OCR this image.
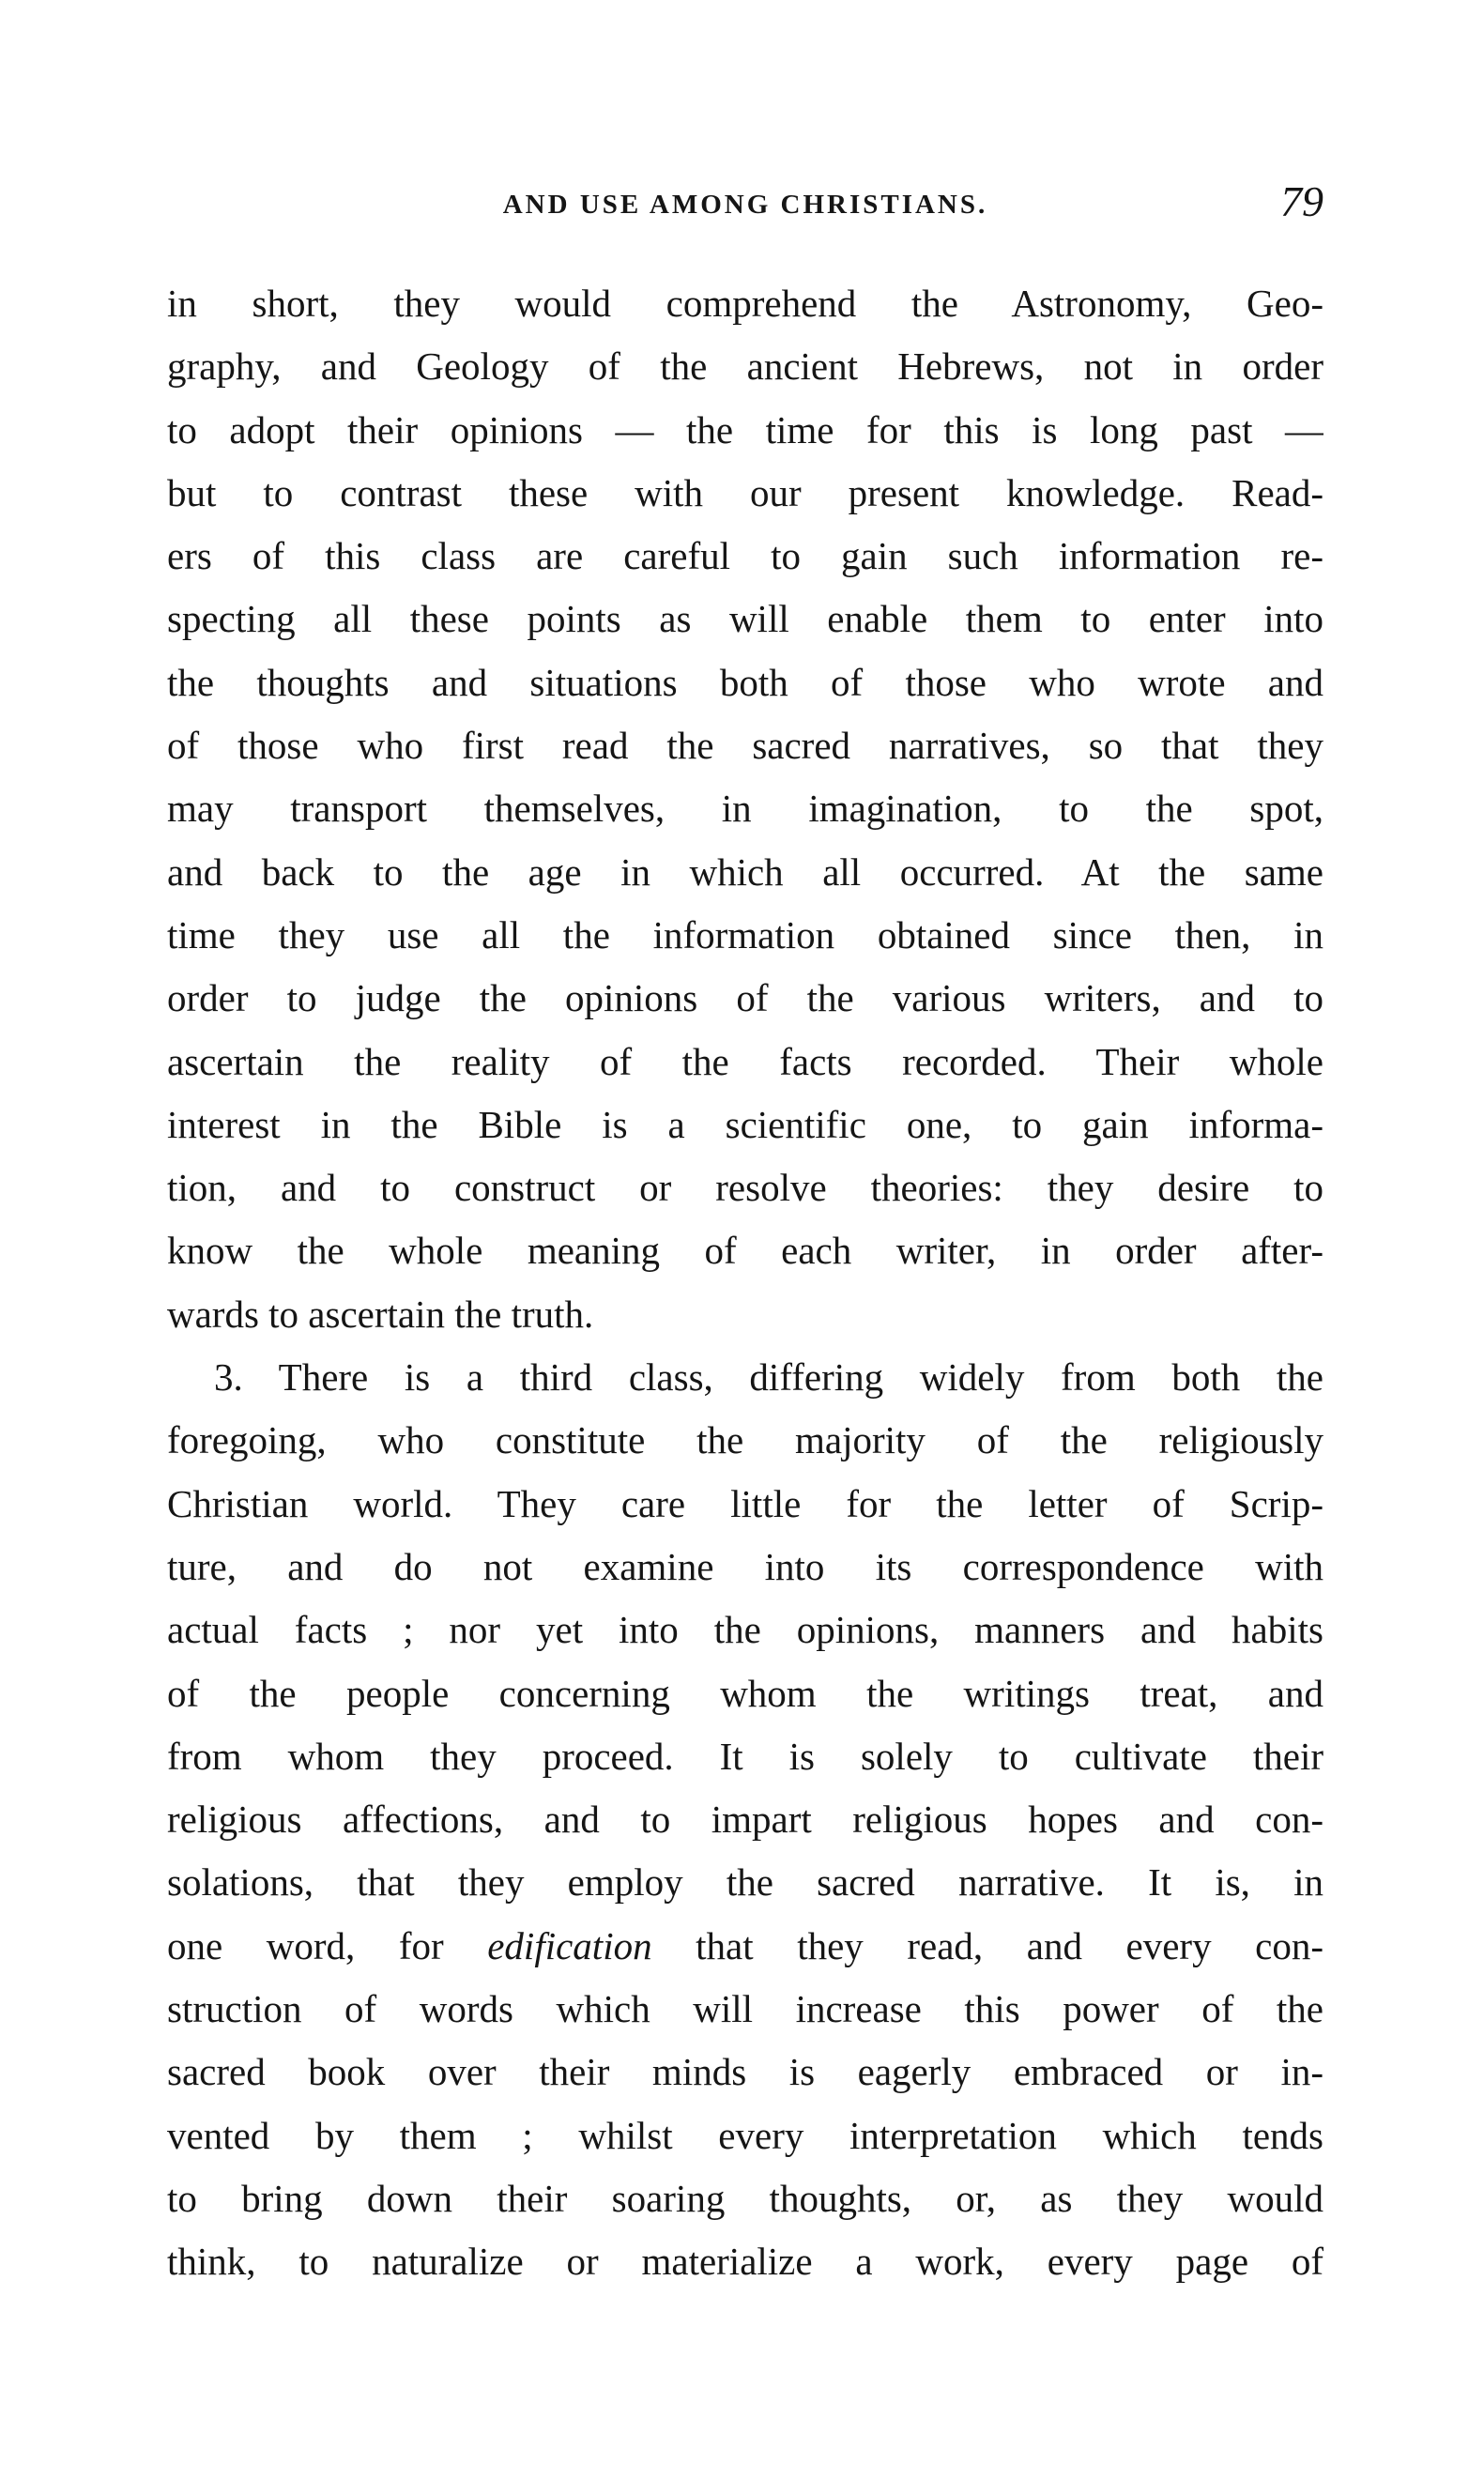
AND USE AMONG CHRISTIANS.	79
in short, they would comprehend the Astronomy, Geo-
graphy, and Geology of the ancient Hebrews, not in order
to adopt their opinions — the time for this is long past —
but to contrast these with our present knowledge. Read-
ers of this class are careful to gain such information re-
specting all these points as will enable them to enter into
the thoughts and situations both of those who wrote and
of those who first read the sacred narratives, so that they
may transport themselves, in imagination, to the spot,
and back to the age in which all occurred. At the same
time they use all the information obtained since then, in
order to judge the opinions of the various writers, and to
ascertain the reality of the facts recorded. Their whole
interest in the Bible is a scientific one, to gain informa-
tion, and to construct or resolve theories: they desire to
know the whole meaning of each writer, in order after-
wards to ascertain the truth.
3. There is a third class, differing widely from both the
foregoing, who constitute the majority of the religiously
Christian world. They care little for the letter of Scrip-
ture, and do not examine into its correspondence with
actual facts ; nor yet into the opinions, manners and habits
of the people concerning whom the writings treat, and
from whom they proceed. It is solely to cultivate their
religious affections, and to impart religious hopes and con-
solations, that they employ the sacred narrative. It is, in
one word, for edification that they read, and every con-
struction of words which will increase this power of the
sacred book over their minds is eagerly embraced or in-
vented by them ; whilst every interpretation which tends
to bring down their soaring thoughts, or, as they would
think, to naturalize or materialize a work, every page of
